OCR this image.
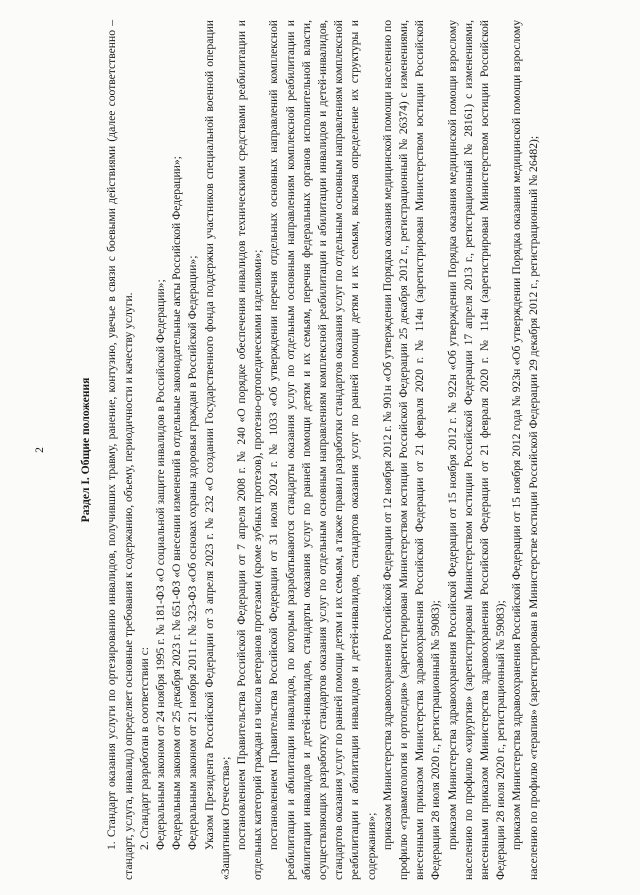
2	Раздел I. Общие положения 1. Стандарт оказания услуги по ортезированию инвалидов, получивших травму, ранение, контузию, увечье в связи с боевыми действиями (далее соответственно – стандарт, услуга, инвалид) определяет основные требования к содержанию, объему, периодичности и качеству услуги. 2. Стандарт разработан в соответствии с: Федеральным законом от 24 ноября 1995 г. № 181-ФЗ «О социальной защите инвалидов в Российской Федерации»; Федеральным законом от 25 декабря 2023 г. № 651-ФЗ «О внесении изменений в отдельные законодательные акты Российской Федерации»; Федеральным законом от 21 ноября 2011 г. № 323-ФЗ «Об основах охраны здоровья граждан в Российской Федерации»; Указом Президента Российской Федерации от 3 апреля 2023 г. № 232 «О создании Государственного фонда поддержки участников специальной военной операции «Защитники Отечества»; постановлением Правительства Российской Федерации от 7 апреля 2008 г. № 240 «О порядке обеспечения инвалидов техническими средствами реабилитации и отдельных категорий граждан из числа ветеранов протезами (кроме зубных протезов), протезно-ортопедическими изделиями»; постановлением Правительства Российской Федерации от 31 июля 2024 г. № 1033 «Об утверждении перечня отдельных основных направлений комплексной реабилитации и абилитации инвалидов, по которым разрабатываются стандарты оказания услуг по отдельным основным направлениям комплексной реабилитации и абилитации инвалидов и детей-инвалидов, стандарты оказания услуг по ранней помощи детям и их семьям, перечня федеральных органов исполнительной власти, осуществляющих разработку стандартов оказания услуг по отдельным основным направлениям комплексной реабилитации и абилитации инвалидов и детей-инвалидов, стандартов оказания услуг по ранней помощи детям и их семьям, а также правил разработки стандартов оказания услуг по отдельным основным направлениям комплексной реабилитации и абилитации инвалидов и детей-инвалидов, стандартов оказания услуг по ранней помощи детям и их семьям, включая определение их структуры и содержания»; приказом Министерства здравоохранения Российской Федерации от 12 ноября 2012 г. № 901н «Об утверждении Порядка оказания медицинской помощи населению по профилю «травматология и ортопедия» (зарегистрирован Министерством юстиции Российской Федерации 25 декабря 2012 г., регистрационный № 26374) с изменениями, внесенными приказом Министерства здравоохранения Российской Федерации от 21 февраля 2020 г. № 114н (зарегистрирован Министерством юстиции Российской Федерации 28 июля 2020 г., регистрационный № 59083); приказом Министерства здравоохранения Российской Федерации от 15 ноября 2012 г. № 922н «Об утверждении Порядка оказания медицинской помощи взрослому населению по профилю «хирургия» (зарегистрирован Министерством юстиции Российской Федерации 17 апреля 2013 г., регистрационный № 28161) с изменениями, внесенными приказом Министерства здравоохранения Российской Федерации от 21 февраля 2020 г. № 114н (зарегистрирован Министерством юстиции Российской Федерации 28 июля 2020 г., регистрационный № 59083); приказом Министерства здравоохранения Российской Федерации от 15 ноября 2012 года № 923н «Об утверждении Порядка оказания медицинской помощи взрослому населению по профилю «терапия» (зарегистрирован в Министерстве юстиции Российской Федерации 29 декабря 2012 г., регистрационный № 26482);
